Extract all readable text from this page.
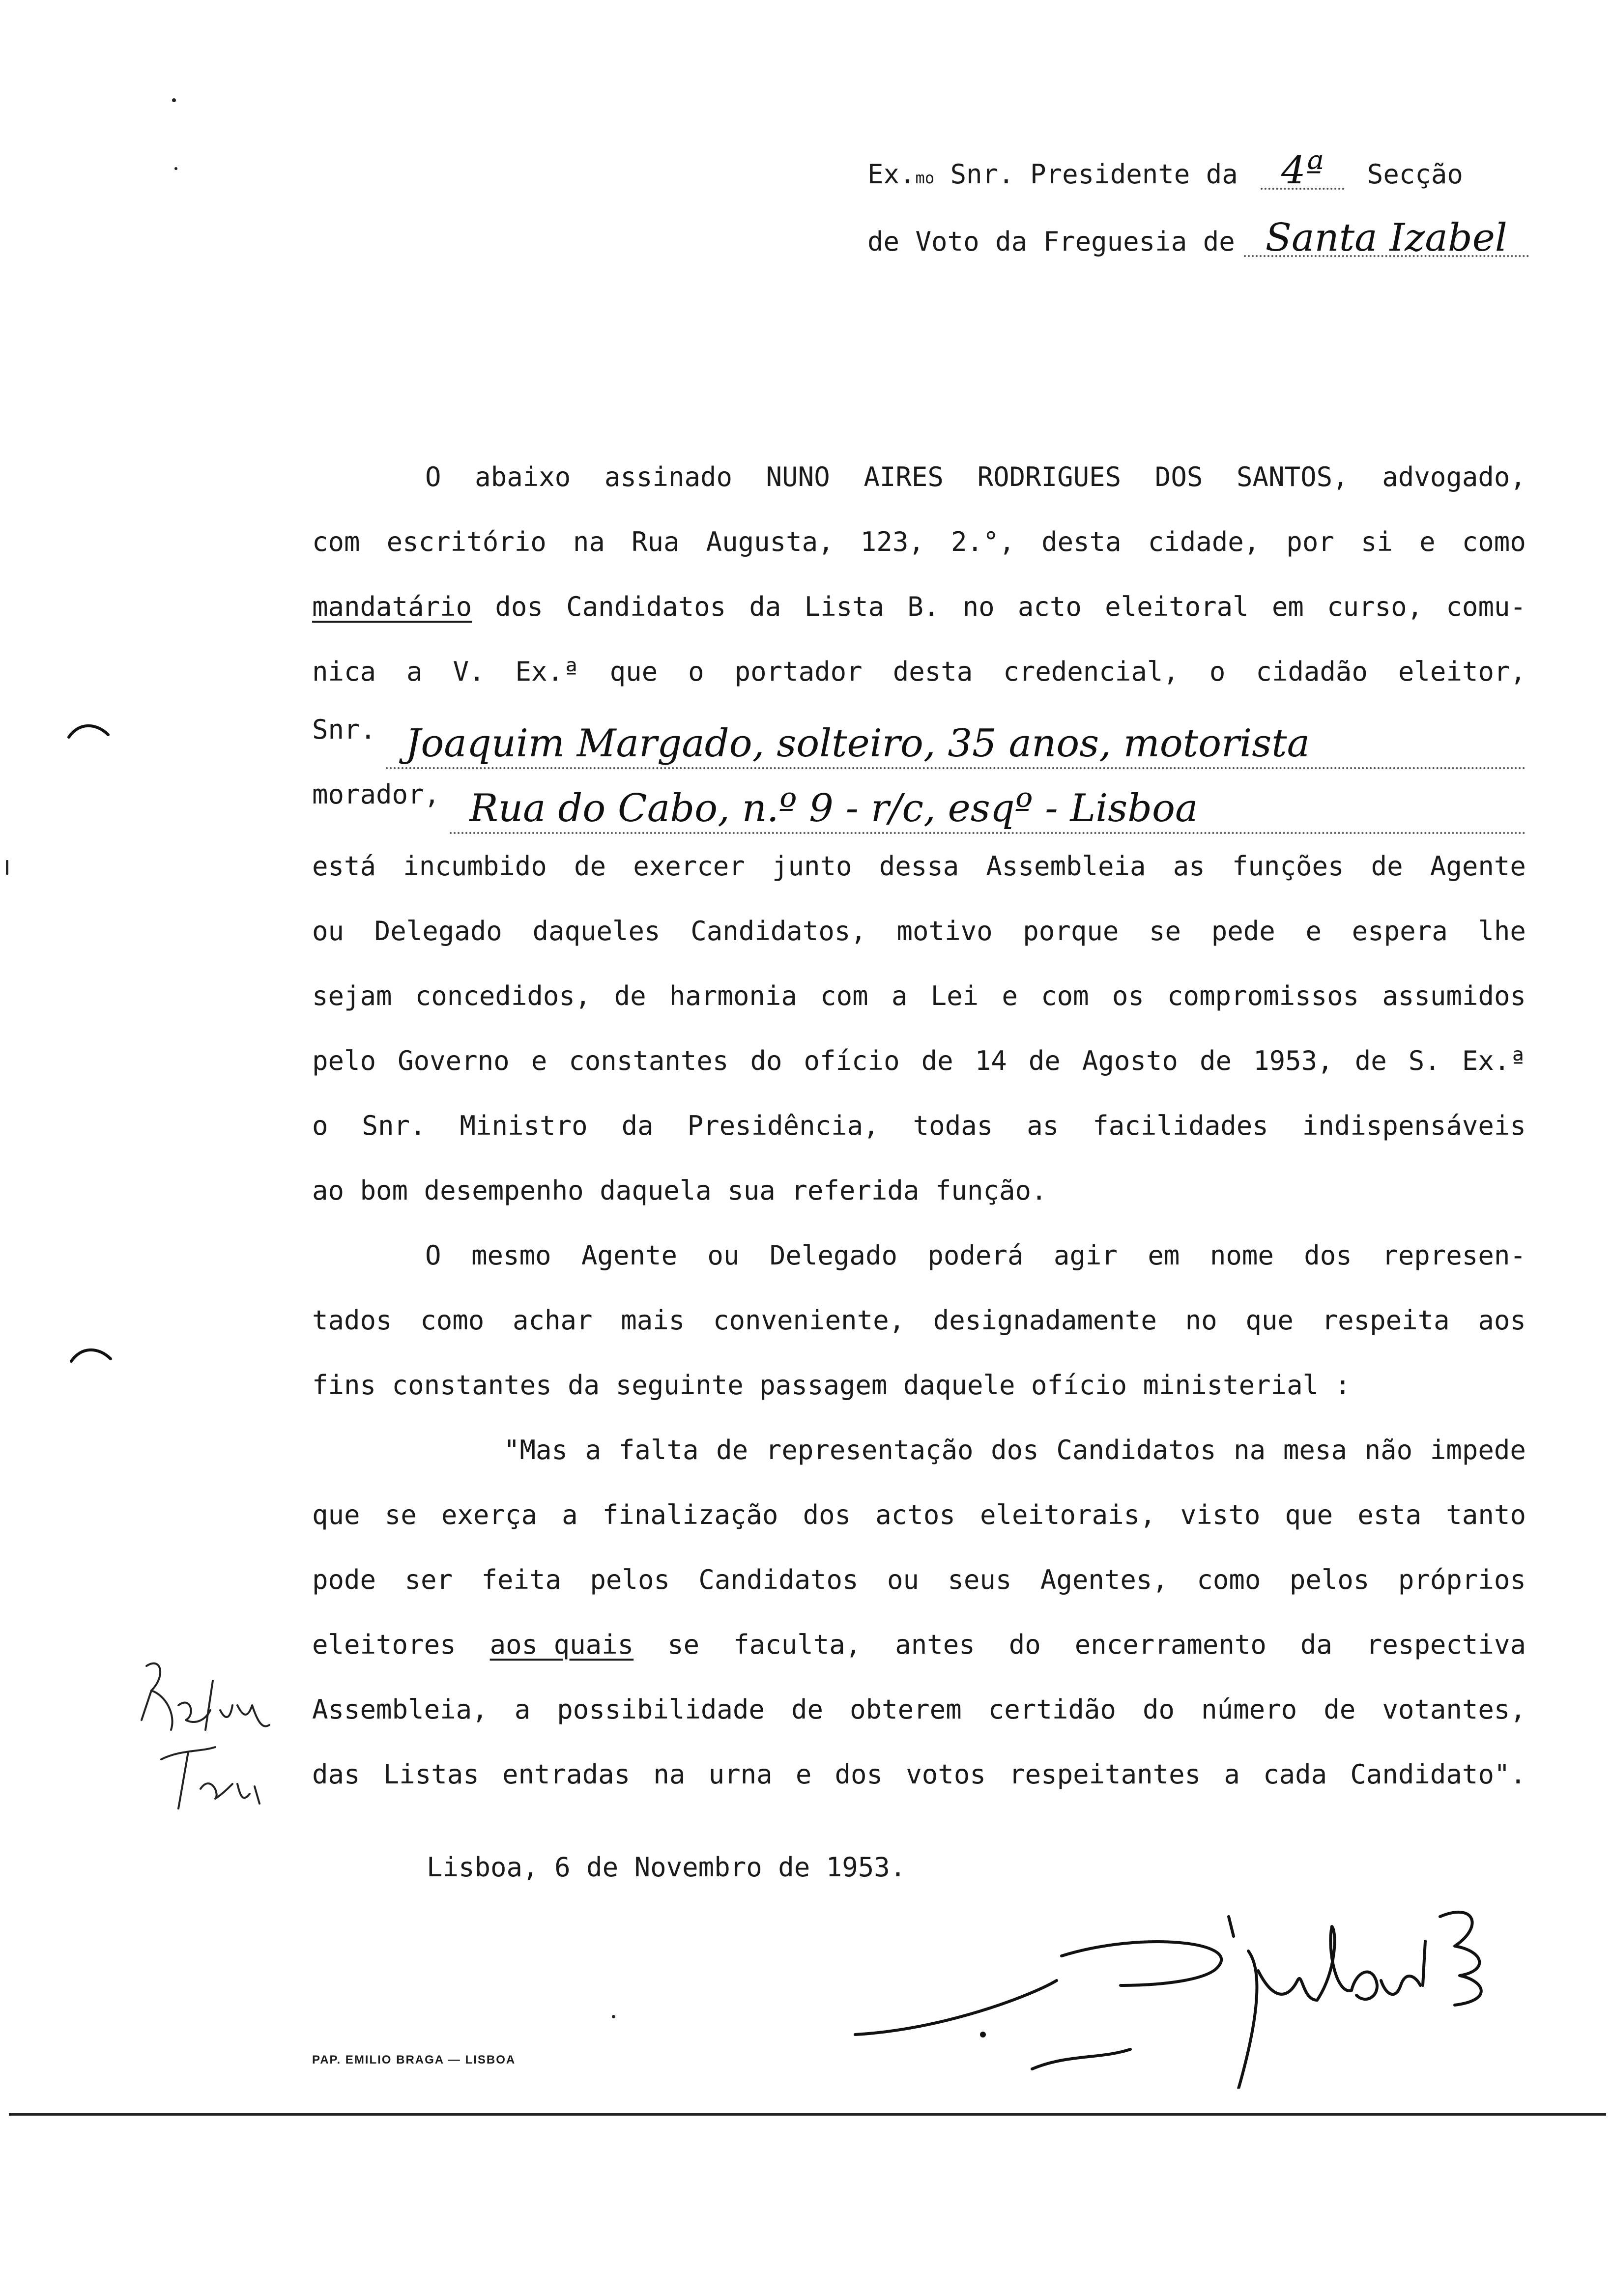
Ex. mo Snr. Presidente da 4ª	Secção
de Voto da Freguesia de Santa Izabel
O abaixo assinado NUNO AIRES RODRIGUES DOS SANTOS, advogado,
com escritório na Rua Augusta, 123, 2.°, desta cidade, por si e como
mandatário dos Candidatos da Lista B. no acto eleitoral em curso, comu-
nica a V. Ex.ª que o portador desta credencial, o cidadão eleitor,
Snr. Joaquim Margado, solteiro, 35 anos, motorista
morador, Rua do Cabo, n.º 9 - r/c, esqº - Lisboa
está incumbido de exercer junto dessa Assembleia as funções de Agente
ou Delegado daqueles Candidatos, motivo porque se pede e espera lhe
sejam concedidos, de harmonia com a Lei e com os compromissos assumidos
pelo Governo e constantes do ofício de 14 de Agosto de 1953, de S. Ex.ª
o Snr. Ministro da Presidência, todas as facilidades indispensáveis
ao bom desempenho daquela sua referida função.
O mesmo Agente ou Delegado poderá agir em nome dos represen-
tados como achar mais conveniente, designadamente no que respeita aos
fins constantes da seguinte passagem daquele ofício ministerial :
"Mas a falta de representação dos Candidatos na mesa não impede
que se exerça a finalização dos actos eleitorais, visto que esta tanto
pode ser feita pelos Candidatos ou seus Agentes, como pelos próprios
eleitores aos quais se faculta, antes do encerramento da respectiva
Assembleia, a possibilidade de obterem certidão do número de votantes,
das Listas entradas na urna e dos votos respeitantes a cada Candidato".
Lisboa, 6 de Novembro de 1953.
PAP. EMILIO BRAGA — LISBOA
